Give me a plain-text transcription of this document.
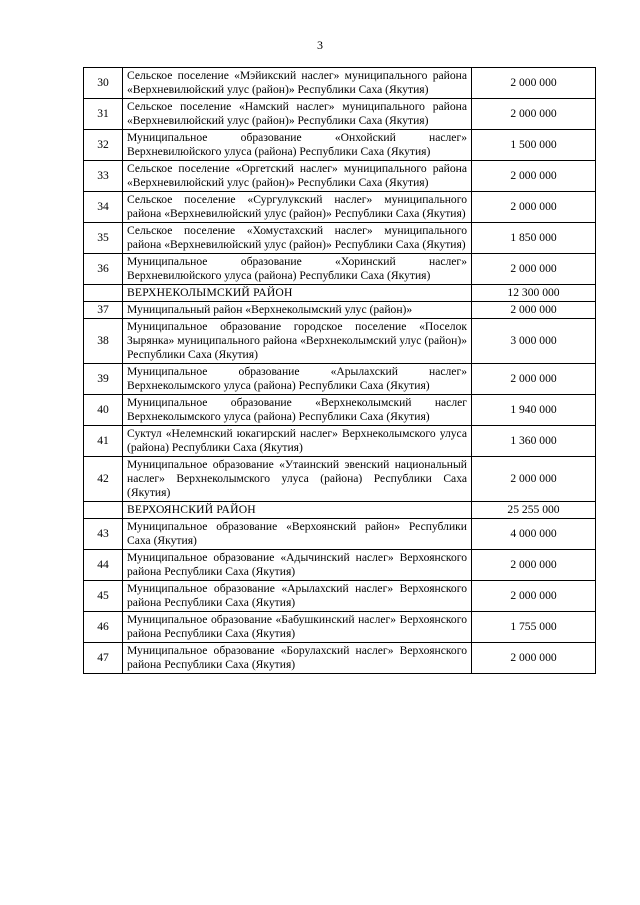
3
30	Сельское поселение «Мэйикский наслег» муниципального района «Верхневилюйский улус (район)» Республики Саха (Якутия)	2 000 000
31	Сельское поселение «Намский наслег» муниципального района «Верхневилюйский улус (район)» Республики Саха (Якутия)	2 000 000
32	Муниципальное образование «Онхойский наслег» Верхневилюйского улуса (района) Республики Саха (Якутия)	1 500 000
33	Сельское поселение «Оргетский наслег» муниципального района «Верхневилюйский улус (район)» Республики Саха (Якутия)	2 000 000
34	Сельское поселение «Сургулукский наслег» муниципального района «Верхневилюйский улус (район)» Республики Саха (Якутия)	2 000 000
35	Сельское поселение «Хомустахский наслег» муниципального района «Верхневилюйский улус (район)» Республики Саха (Якутия)	1 850 000
36	Муниципальное образование «Хоринский наслег» Верхневилюйского улуса (района) Республики Саха (Якутия)	2 000 000
	ВЕРХНЕКОЛЫМСКИЙ РАЙОН	12 300 000
37	Муниципальный район «Верхнеколымский улус (район)»	2 000 000
38	Муниципальное образование городское поселение «Поселок Зырянка» муниципального района «Верхнеколымский улус (район)» Республики Саха (Якутия)	3 000 000
39	Муниципальное образование «Арылахский наслег» Верхнеколымского улуса (района) Республики Саха (Якутия)	2 000 000
40	Муниципальное образование «Верхнеколымский наслег Верхнеколымского улуса (района) Республики Саха (Якутия)	1 940 000
41	Суктул «Нелемнский юкагирский наслег» Верхнеколымского улуса (района) Республики Саха (Якутия)	1 360 000
42	Муниципальное образование «Утаинский эвенский национальный наслег» Верхнеколымского улуса (района) Республики Саха (Якутия)	2 000 000
	ВЕРХОЯНСКИЙ РАЙОН	25 255 000
43	Муниципальное образование «Верхоянский район» Республики Саха (Якутия)	4 000 000
44	Муниципальное образование «Адычинский наслег» Верхоянского района Республики Саха (Якутия)	2 000 000
45	Муниципальное образование «Арылахский наслег» Верхоянского района Республики Саха (Якутия)	2 000 000
46	Муниципальное образование «Бабушкинский наслег» Верхоянского района Республики Саха (Якутия)	1 755 000
47	Муниципальное образование «Борулахский наслег» Верхоянского района Республики Саха (Якутия)	2 000 000
